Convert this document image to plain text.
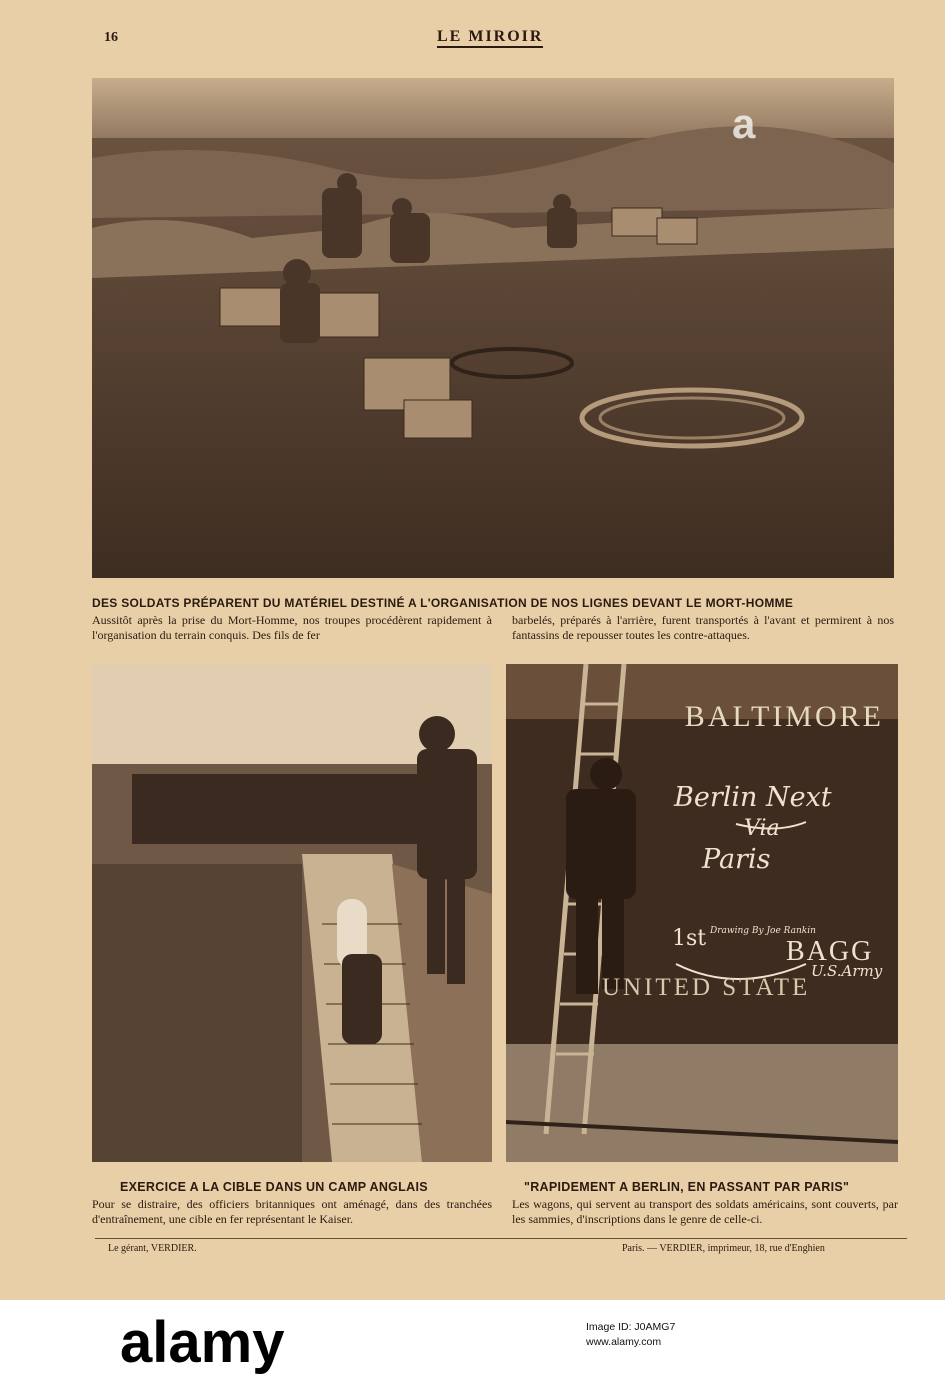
16	LE MIROIR
a
DES SOLDATS PRÉPARENT DU MATÉRIEL DESTINÉ A L'ORGANISATION DE NOS LIGNES DEVANT LE MORT-HOMME
Aussitôt après la prise du Mort-Homme, nos troupes procédèrent rapidement à l'organisation du terrain conquis. Des fils de fer
barbelés, préparés à l'arrière, furent transportés à l'avant et permirent à nos fantassins de repousser toutes les contre-attaques.
EXERCICE A LA CIBLE DANS UN CAMP ANGLAIS
Pour se distraire, des officiers britanniques ont aménagé, dans des tranchées d'entraînement, une cible en fer représentant le Kaiser.
BALTIMORE
Berlin Next
Via
Paris
1st Drawing By Joe Rankin
BAGG
U.S.Army
UNITED STATE
"RAPIDEMENT A BERLIN, EN PASSANT PAR PARIS"
Les wagons, qui servent au transport des soldats américains, sont couverts, par les sammies, d'inscriptions dans le genre de celle-ci.
Le gérant, VERDIER.	Paris. — VERDIER, imprimeur, 18, rue d'Enghien
alamy	Image ID: J0AMG7
www.alamy.com
